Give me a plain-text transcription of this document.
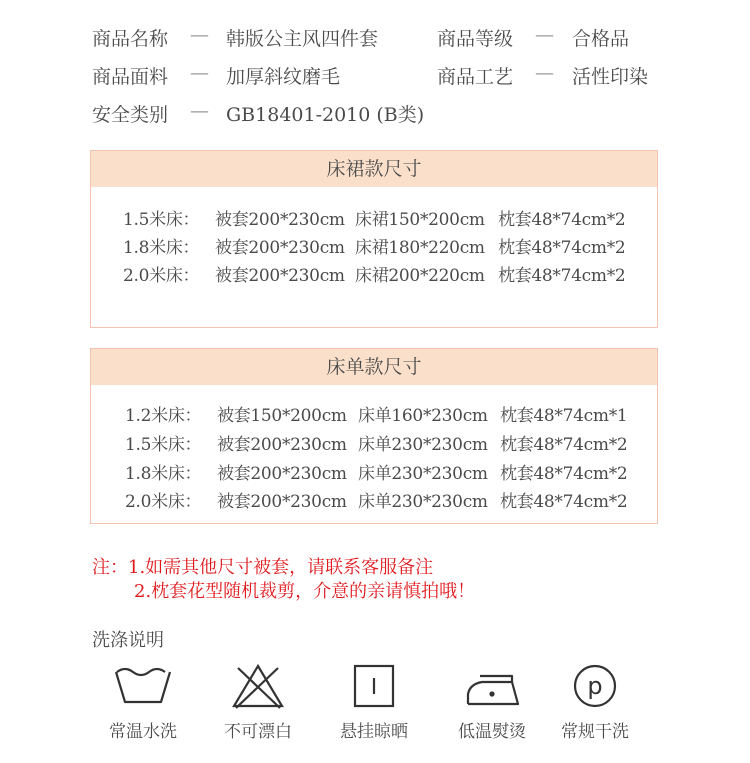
商品名称 — 韩版公主风四件套	商品等级 — 合格品
商品面料 — 加厚斜纹磨毛	商品工艺 — 活性印染
安全类别 — GB18401-2010 (B类)
床裙款尺寸
1.5米床： 被套200*230cm 床裙150*200cm 枕套48*74cm*2
1.8米床： 被套200*230cm 床裙180*220cm 枕套48*74cm*2
2.0米床： 被套200*230cm 床裙200*220cm 枕套48*74cm*2
床单款尺寸
1.2米床： 被套150*200cm 床单160*230cm 枕套48*74cm*1
1.5米床： 被套200*230cm 床单230*230cm 枕套48*74cm*2
1.8米床： 被套200*230cm 床单230*230cm 枕套48*74cm*2
2.0米床： 被套200*230cm 床单230*230cm 枕套48*74cm*2
注：1.如需其他尺寸被套，请联系客服备注
2.枕套花型随机裁剪，介意的亲请慎拍哦！
洗涤说明
p
常温水洗	不可漂白	悬挂晾晒	低温熨烫	常规干洗
